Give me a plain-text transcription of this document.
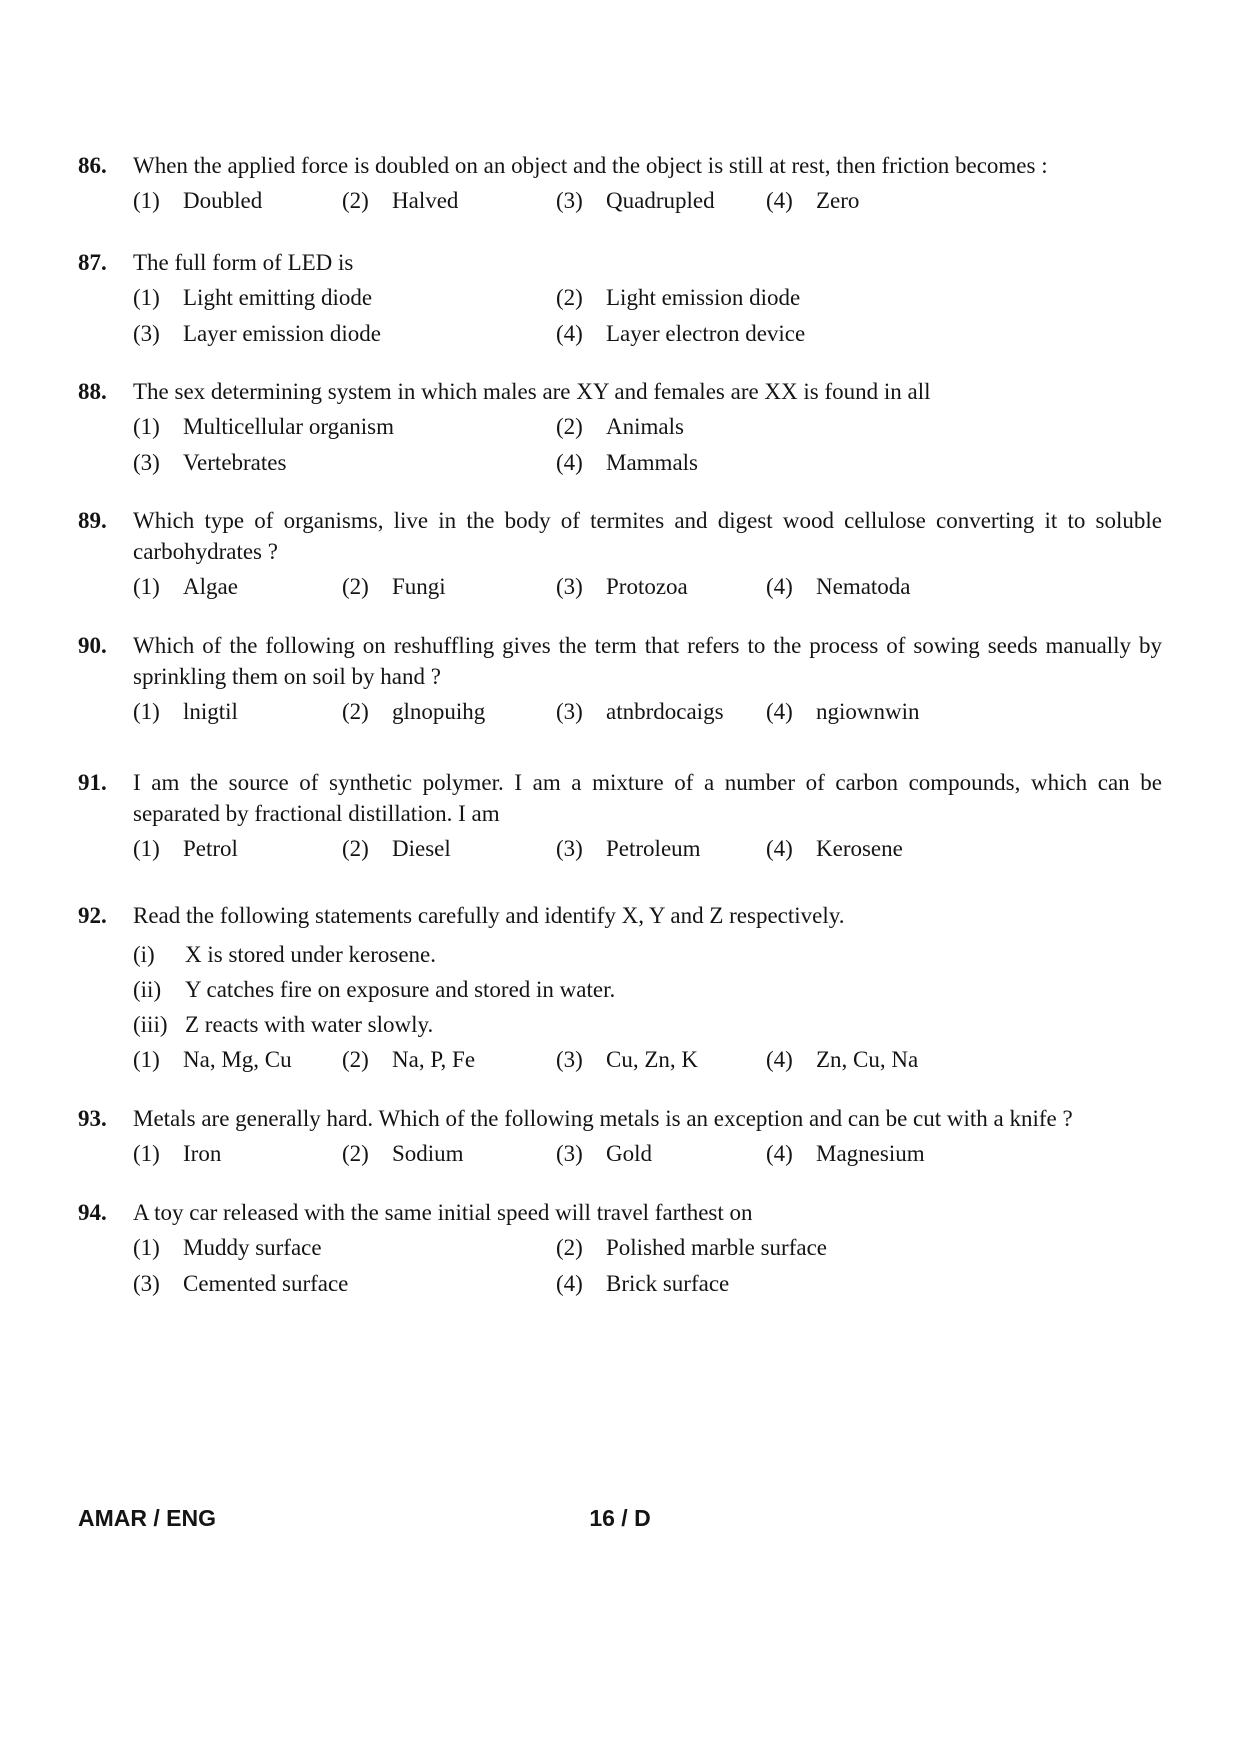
86.	When the applied force is doubled on an object and the object is still at rest, then friction becomes :
(1)	Doubled	(2)	Halved	(3)	Quadrupled (4)	Zero
87.	The full form of LED is
(1)	Light emitting diode	(2)	Light emission diode
(3)	Layer emission diode	(4)	Layer electron device
88.	The sex determining system in which males are XY and females are XX is found in all
(1)	Multicellular organism	(2)	Animals
(3)	Vertebrates	(4)	Mammals
89.	Which type of organisms, live in the body of termites and digest wood cellulose converting it to soluble carbohydrates ?
(1)	Algae	(2)	Fungi	(3)	Protozoa	(4)	Nematoda
90.	Which of the following on reshuffling gives the term that refers to the process of sowing seeds manually by sprinkling them on soil by hand ?
(1)	lnigtil	(2)	glnopuihg	(3)	atnbrdocaigs (4)	ngiownwin
91.	I am the source of synthetic polymer. I am a mixture of a number of carbon compounds, which can be separated by fractional distillation. I am
(1)	Petrol	(2)	Diesel	(3)	Petroleum	(4)	Kerosene
92.	Read the following statements carefully and identify X, Y and Z respectively.
(i)	X is stored under kerosene.
(ii)	Y catches fire on exposure and stored in water.
(iii) Z reacts with water slowly.
(1)	Na, Mg, Cu (2)	Na, P, Fe	(3)	Cu, Zn, K	(4)	Zn, Cu, Na
93.	Metals are generally hard. Which of the following metals is an exception and can be cut with a knife ?
(1)	Iron	(2)	Sodium	(3)	Gold	(4)	Magnesium
94.	A toy car released with the same initial speed will travel farthest on
(1)	Muddy surface	(2)	Polished marble surface
(3)	Cemented surface	(4)	Brick surface
AMAR / ENG	16 / D
